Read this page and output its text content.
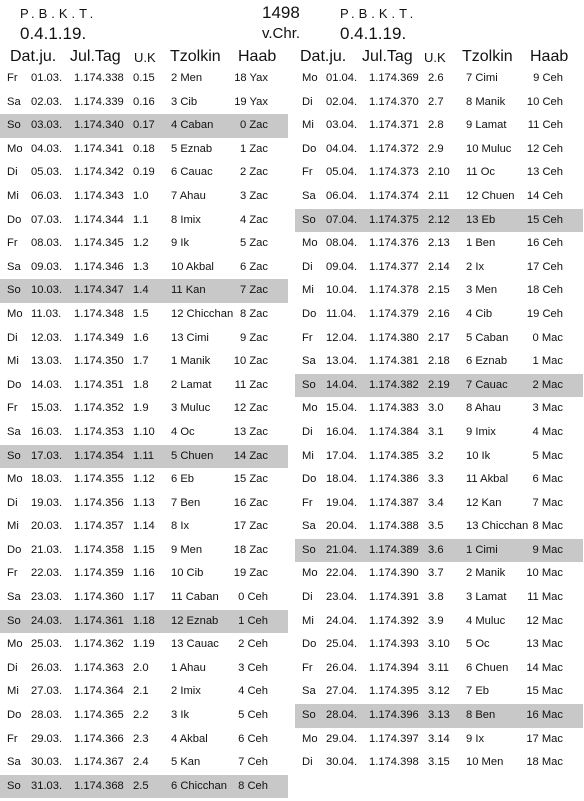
P.B.K.T.
0.4.1.19.
1498
v.Chr.
P.B.K.T.
0.4.1.19.
Dat.ju. Jul.Tag U.K Tzolkin Haab Dat.ju. Jul.Tag U.K Tzolkin Haab
Fr 01.03. 1.174.338 0.15 2 Men	18 Yax
Sa 02.03. 1.174.339 0.16 3 Cib	19 Yax
So 03.03. 1.174.340 0.17 4 Caban 0 Zac
Mo 04.03. 1.174.341 0.18 5 Eznab 1 Zac
Di 05.03. 1.174.342 0.19 6 Cauac 2 Zac
Mi 06.03. 1.174.343 1.0 7 Ahau	3 Zac
Do 07.03. 1.174.344 1.1 8 Imix	4 Zac
Fr 08.03. 1.174.345 1.2 9 Ik	5 Zac
Sa 09.03. 1.174.346 1.3 10 Akbal 6 Zac
So 10.03. 1.174.347 1.4 11 Kan	7 Zac
Mo 11.03. 1.174.348 1.5 12 Chicchan 8 Zac
Di 12.03. 1.174.349 1.6 13 Cimi	9 Zac
Mi 13.03. 1.174.350 1.7 1 Manik 10 Zac
Do 14.03. 1.174.351 1.8 2 Lamat 11 Zac
Fr 15.03. 1.174.352 1.9 3 Muluc 12 Zac
Sa 16.03. 1.174.353 1.10 4 Oc	13 Zac
So 17.03. 1.174.354 1.11 5 Chuen 14 Zac
Mo 18.03. 1.174.355 1.12 6 Eb	15 Zac
Di 19.03. 1.174.356 1.13 7 Ben	16 Zac
Mi 20.03. 1.174.357 1.14 8 Ix	17 Zac
Do 21.03. 1.174.358 1.15 9 Men	18 Zac
Fr 22.03. 1.174.359 1.16 10 Cib	19 Zac
Sa 23.03. 1.174.360 1.17 11 Caban 0 Ceh
So 24.03. 1.174.361 1.18 12 Eznab 1 Ceh
Mo 25.03. 1.174.362 1.19 13 Cauac 2 Ceh
Di 26.03. 1.174.363 2.0 1 Ahau	3 Ceh
Mi 27.03. 1.174.364 2.1 2 Imix	4 Ceh
Do 28.03. 1.174.365 2.2 3 Ik	5 Ceh
Fr 29.03. 1.174.366 2.3 4 Akbal	6 Ceh
Sa 30.03. 1.174.367 2.4 5 Kan	7 Ceh
So 31.03. 1.174.368 2.5 6 Chicchan 8 Ceh
Mo 01.04. 1.174.369 2.6 7 Cimi	9 Ceh
Di 02.04. 1.174.370 2.7 8 Manik 10 Ceh
Mi 03.04. 1.174.371 2.8 9 Lamat 11 Ceh
Do 04.04. 1.174.372 2.9 10 Muluc 12 Ceh
Fr 05.04. 1.174.373 2.10 11 Oc	13 Ceh
Sa 06.04. 1.174.374 2.11 12 Chuen 14 Ceh
So 07.04. 1.174.375 2.12 13 Eb	15 Ceh
Mo 08.04. 1.174.376 2.13 1 Ben	16 Ceh
Di 09.04. 1.174.377 2.14 2 Ix	17 Ceh
Mi 10.04. 1.174.378 2.15 3 Men	18 Ceh
Do 11.04. 1.174.379 2.16 4 Cib	19 Ceh
Fr 12.04. 1.174.380 2.17 5 Caban 0 Mac
Sa 13.04. 1.174.381 2.18 6 Eznab 1 Mac
So 14.04. 1.174.382 2.19 7 Cauac 2 Mac
Mo 15.04. 1.174.383 3.0 8 Ahau	3 Mac
Di 16.04. 1.174.384 3.1 9 Imix	4 Mac
Mi 17.04. 1.174.385 3.2 10 Ik	5 Mac
Do 18.04. 1.174.386 3.3 11 Akbal 6 Mac
Fr 19.04. 1.174.387 3.4 12 Kan	7 Mac
Sa 20.04. 1.174.388 3.5 13 Chicchan 8 Mac
So 21.04. 1.174.389 3.6 1 Cimi	9 Mac
Mo 22.04. 1.174.390 3.7 2 Manik 10 Mac
Di 23.04. 1.174.391 3.8 3 Lamat 11 Mac
Mi 24.04. 1.174.392 3.9 4 Muluc 12 Mac
Do 25.04. 1.174.393 3.10 5 Oc	13 Mac
Fr 26.04. 1.174.394 3.11 6 Chuen 14 Mac
Sa 27.04. 1.174.395 3.12 7 Eb	15 Mac
So 28.04. 1.174.396 3.13 8 Ben	16 Mac
Mo 29.04. 1.174.397 3.14 9 Ix	17 Mac
Di 30.04. 1.174.398 3.15 10 Men 18 Mac
